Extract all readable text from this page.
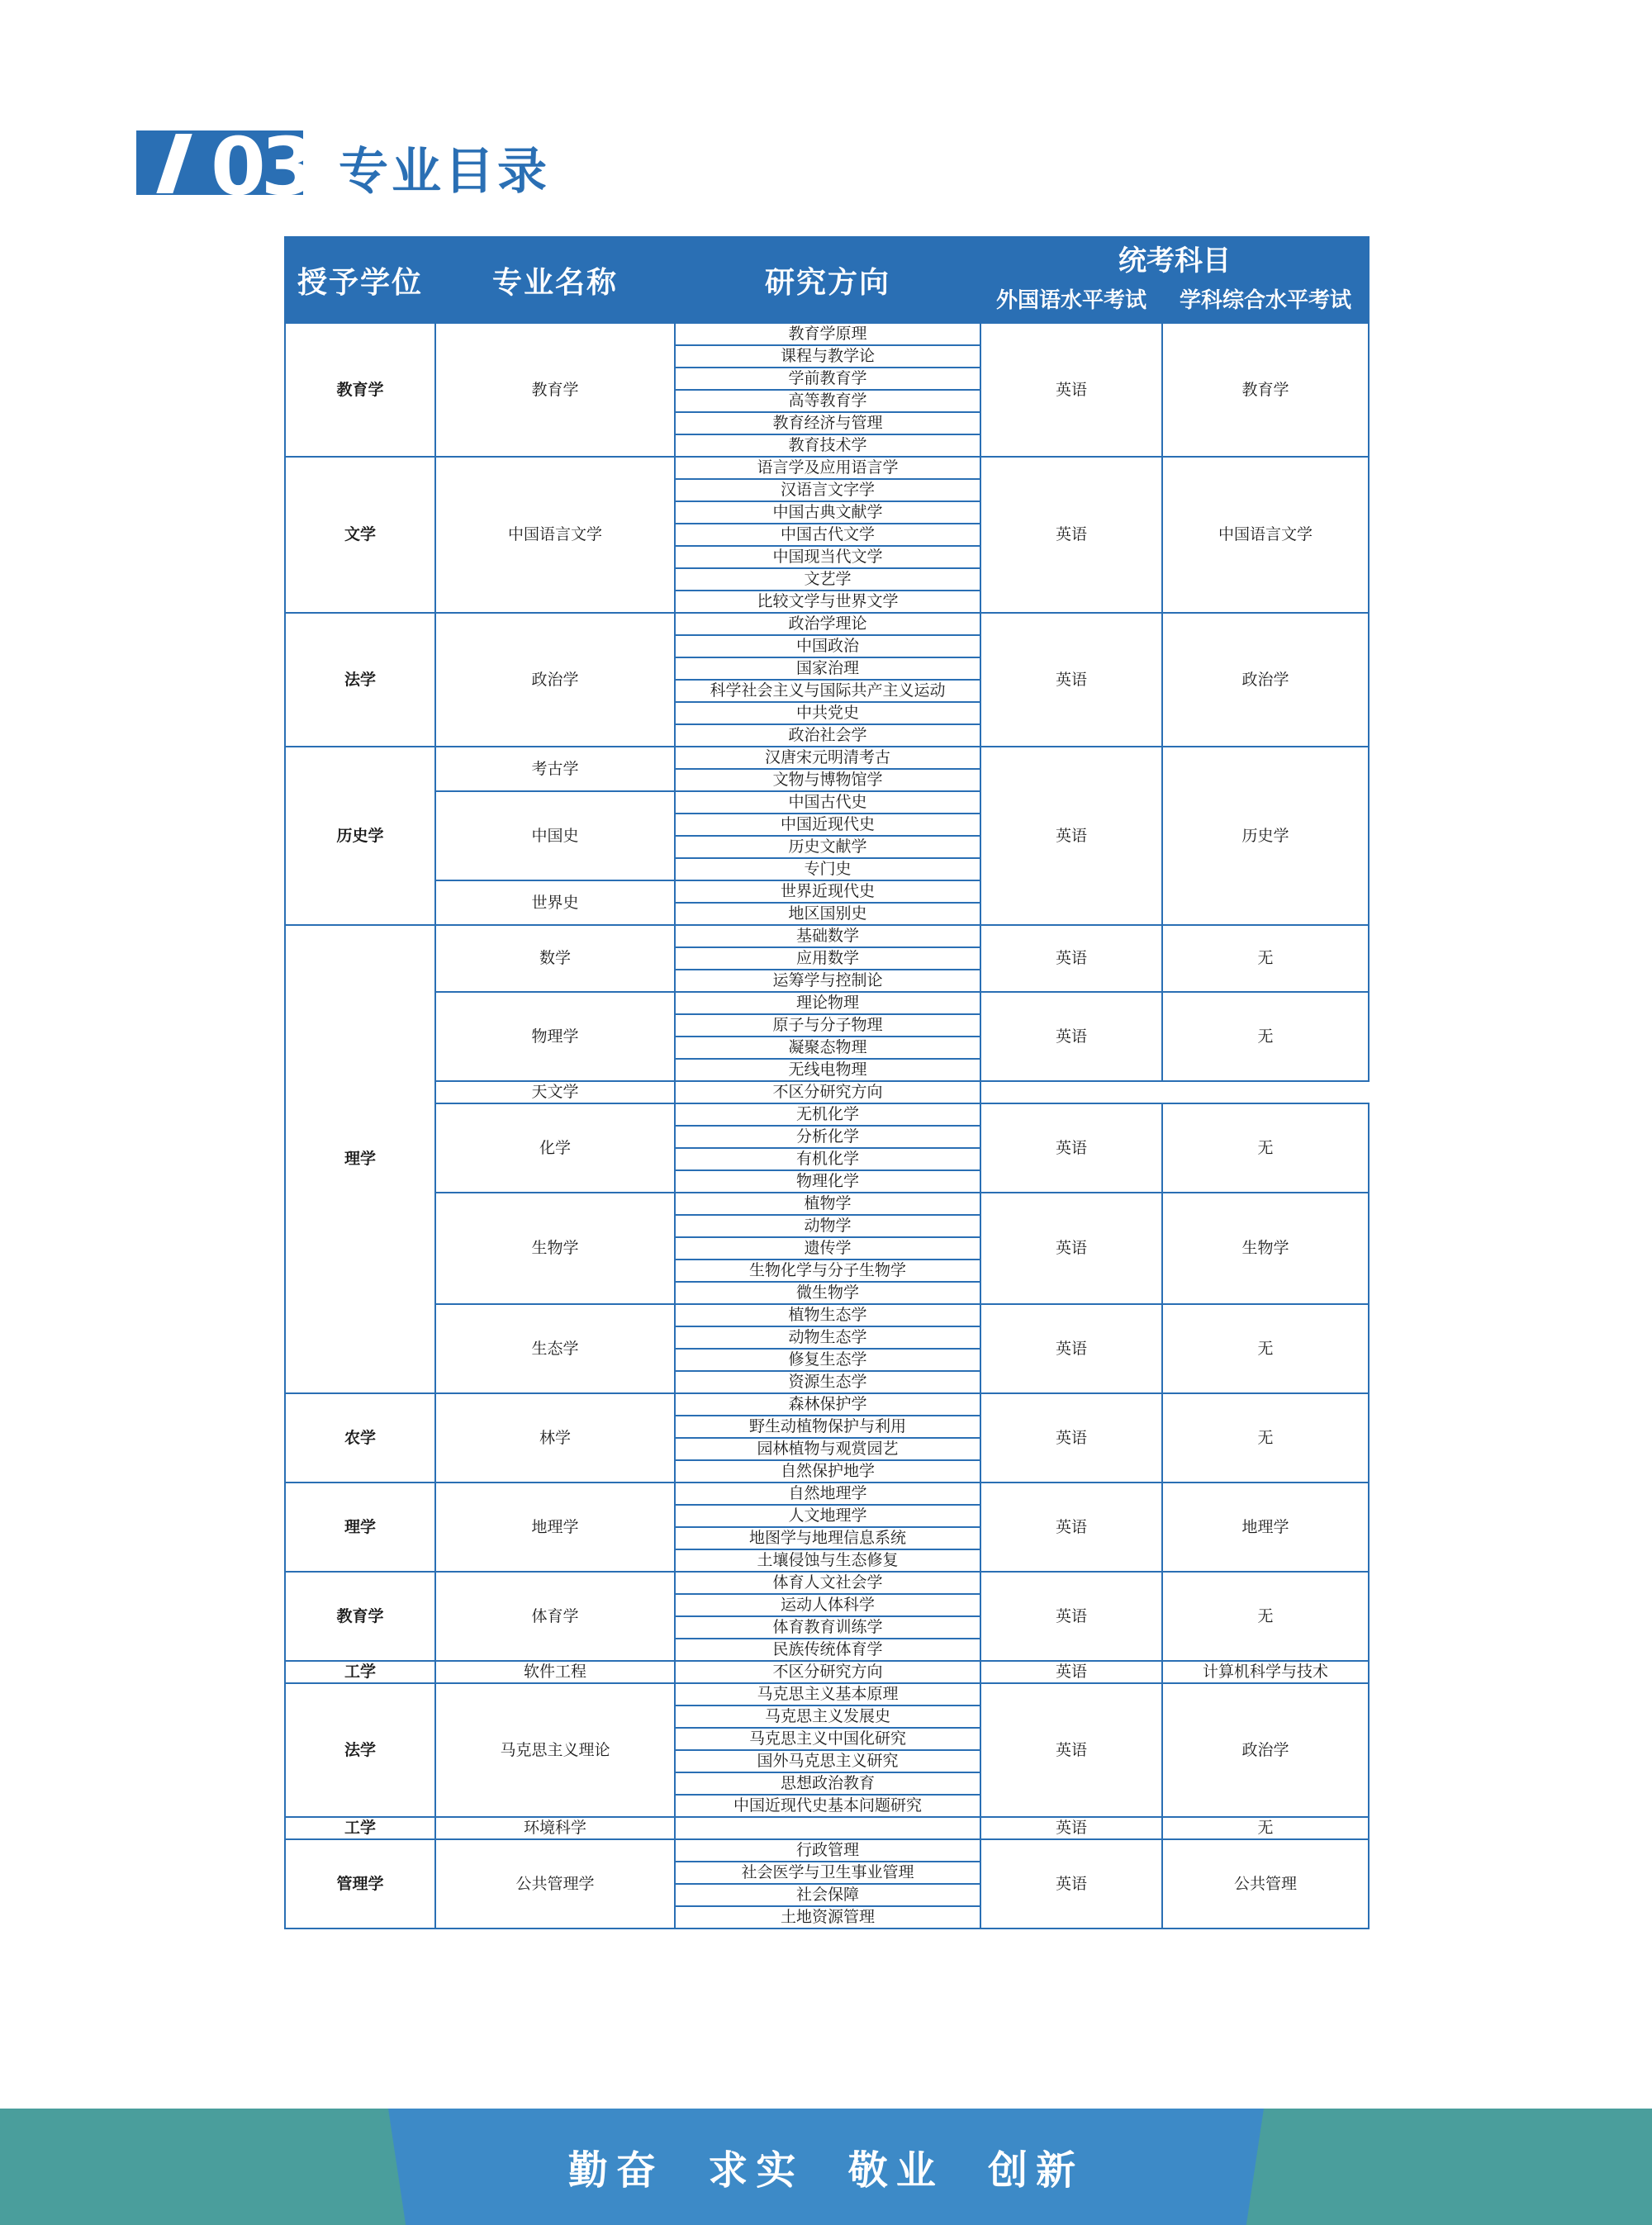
03 专业目录
授予学位	专业名称	研究方向	统考科目	

			外国语水平考试	学科综合水平考试

教育学	教育学	教育学原理	英语	教育学
		课程与教学论		
		学前教育学		
		高等教育学		
		教育经济与管理		
		教育技术学		
文学	中国语言文学	语言学及应用语言学	英语	中国语言文学
		汉语言文字学		
		中国古典文献学		
		中国古代文学		
		中国现当代文学		
		文艺学		
		比较文学与世界文学		
法学	政治学	政治学理论	英语	政治学
		中国政治		
		国家治理		
		科学社会主义与国际共产主义运动		
		中共党史		
		政治社会学		
历史学	考古学	汉唐宋元明清考古	英语	历史学
		文物与博物馆学		
	中国史	中国古代史		
		中国近现代史		
		历史文献学		
		专门史		
	世界史	世界近现代史		
		地区国别史		
理学	数学	基础数学	英语	无
		应用数学		
		运筹学与控制论		
	物理学	理论物理	英语	无
		原子与分子物理		
		凝聚态物理		
		无线电物理		
	天文学	不区分研究方向		
	化学	无机化学	英语	无
		分析化学		
		有机化学		
		物理化学		
	生物学	植物学	英语	生物学
		动物学		
		遗传学		
		生物化学与分子生物学		
		微生物学		
	生态学	植物生态学	英语	无
		动物生态学		
		修复生态学		
		资源生态学		
农学	林学	森林保护学	英语	无
		野生动植物保护与利用		
		园林植物与观赏园艺		
		自然保护地学		
理学	地理学	自然地理学	英语	地理学
		人文地理学		
		地图学与地理信息系统		
		土壤侵蚀与生态修复		
教育学	体育学	体育人文社会学	英语	无
		运动人体科学		
		体育教育训练学		
		民族传统体育学		
工学	软件工程	不区分研究方向	英语	计算机科学与技术
法学	马克思主义理论	马克思主义基本原理	英语	政治学
		马克思主义发展史		
		马克思主义中国化研究		
		国外马克思主义研究		
		思想政治教育		
		中国近现代史基本问题研究		
工学	环境科学		英语	无
管理学	公共管理学	行政管理	英语	公共管理
		社会医学与卫生事业管理		
		社会保障		
		土地资源管理		
勤奋  求实  敬业  创新
